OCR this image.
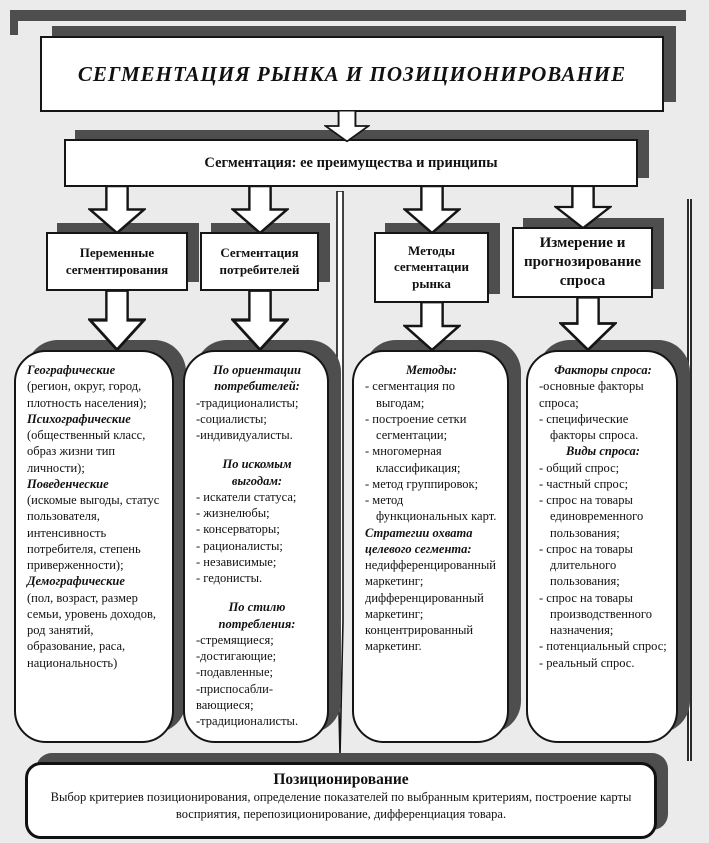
СЕГМЕНТАЦИЯ РЫНКА И ПОЗИЦИОНИРОВАНИЕ
Сегментация: ее преимущества и принципы
Переменные сегментирования
Сегментация потребителей
Методы сегментации рынка
Измерение и прогнозирование спроса
Географические
(регион, округ, город, плотность населения);
Психографические
(общественный класс, образ жизни тип личности);
Поведенческие
(искомые выгоды, статус пользователя, интенсивность потребителя, степень приверженности);
Демографические
(пол, возраст, размер семьи, уровень доходов, род занятий, образование, раса, национальность)
По ориентации потребителей:
-традиционалисты;
-социалисты;
-индивидуалисты.
По искомым выгодам:
- искатели статуса;
- жизнелюбы;
- консерваторы;
- рационалисты;
- независимые;
- гедонисты.
По стилю потребления:
-стремящиеся;
-достигающие;
-подавленные;
-приспосабли-вающиеся;
-традиционалисты.
Методы:
- сегментация по выгодам;
- построение сетки сегментации;
- многомерная классификация;
- метод группировок;
- метод функциональных карт.
Стратегии охвата целевого сегмента:
недифференцированный маркетинг;
дифференцированный маркетинг;
концентрированный маркетинг.
Факторы спроса:
-основные факторы спроса;
- специфические факторы спроса.
Виды спроса:
- общий спрос;
- частный спрос;
- спрос на товары единовременного пользования;
- спрос на товары длительного пользования;
- спрос на товары производственного назначения;
- потенциальный спрос;
- реальный спрос.
Позиционирование
Выбор критериев позиционирования, определение показателей по выбранным критериям, построение карты восприятия, перепозиционирование, дифференциация товара.
